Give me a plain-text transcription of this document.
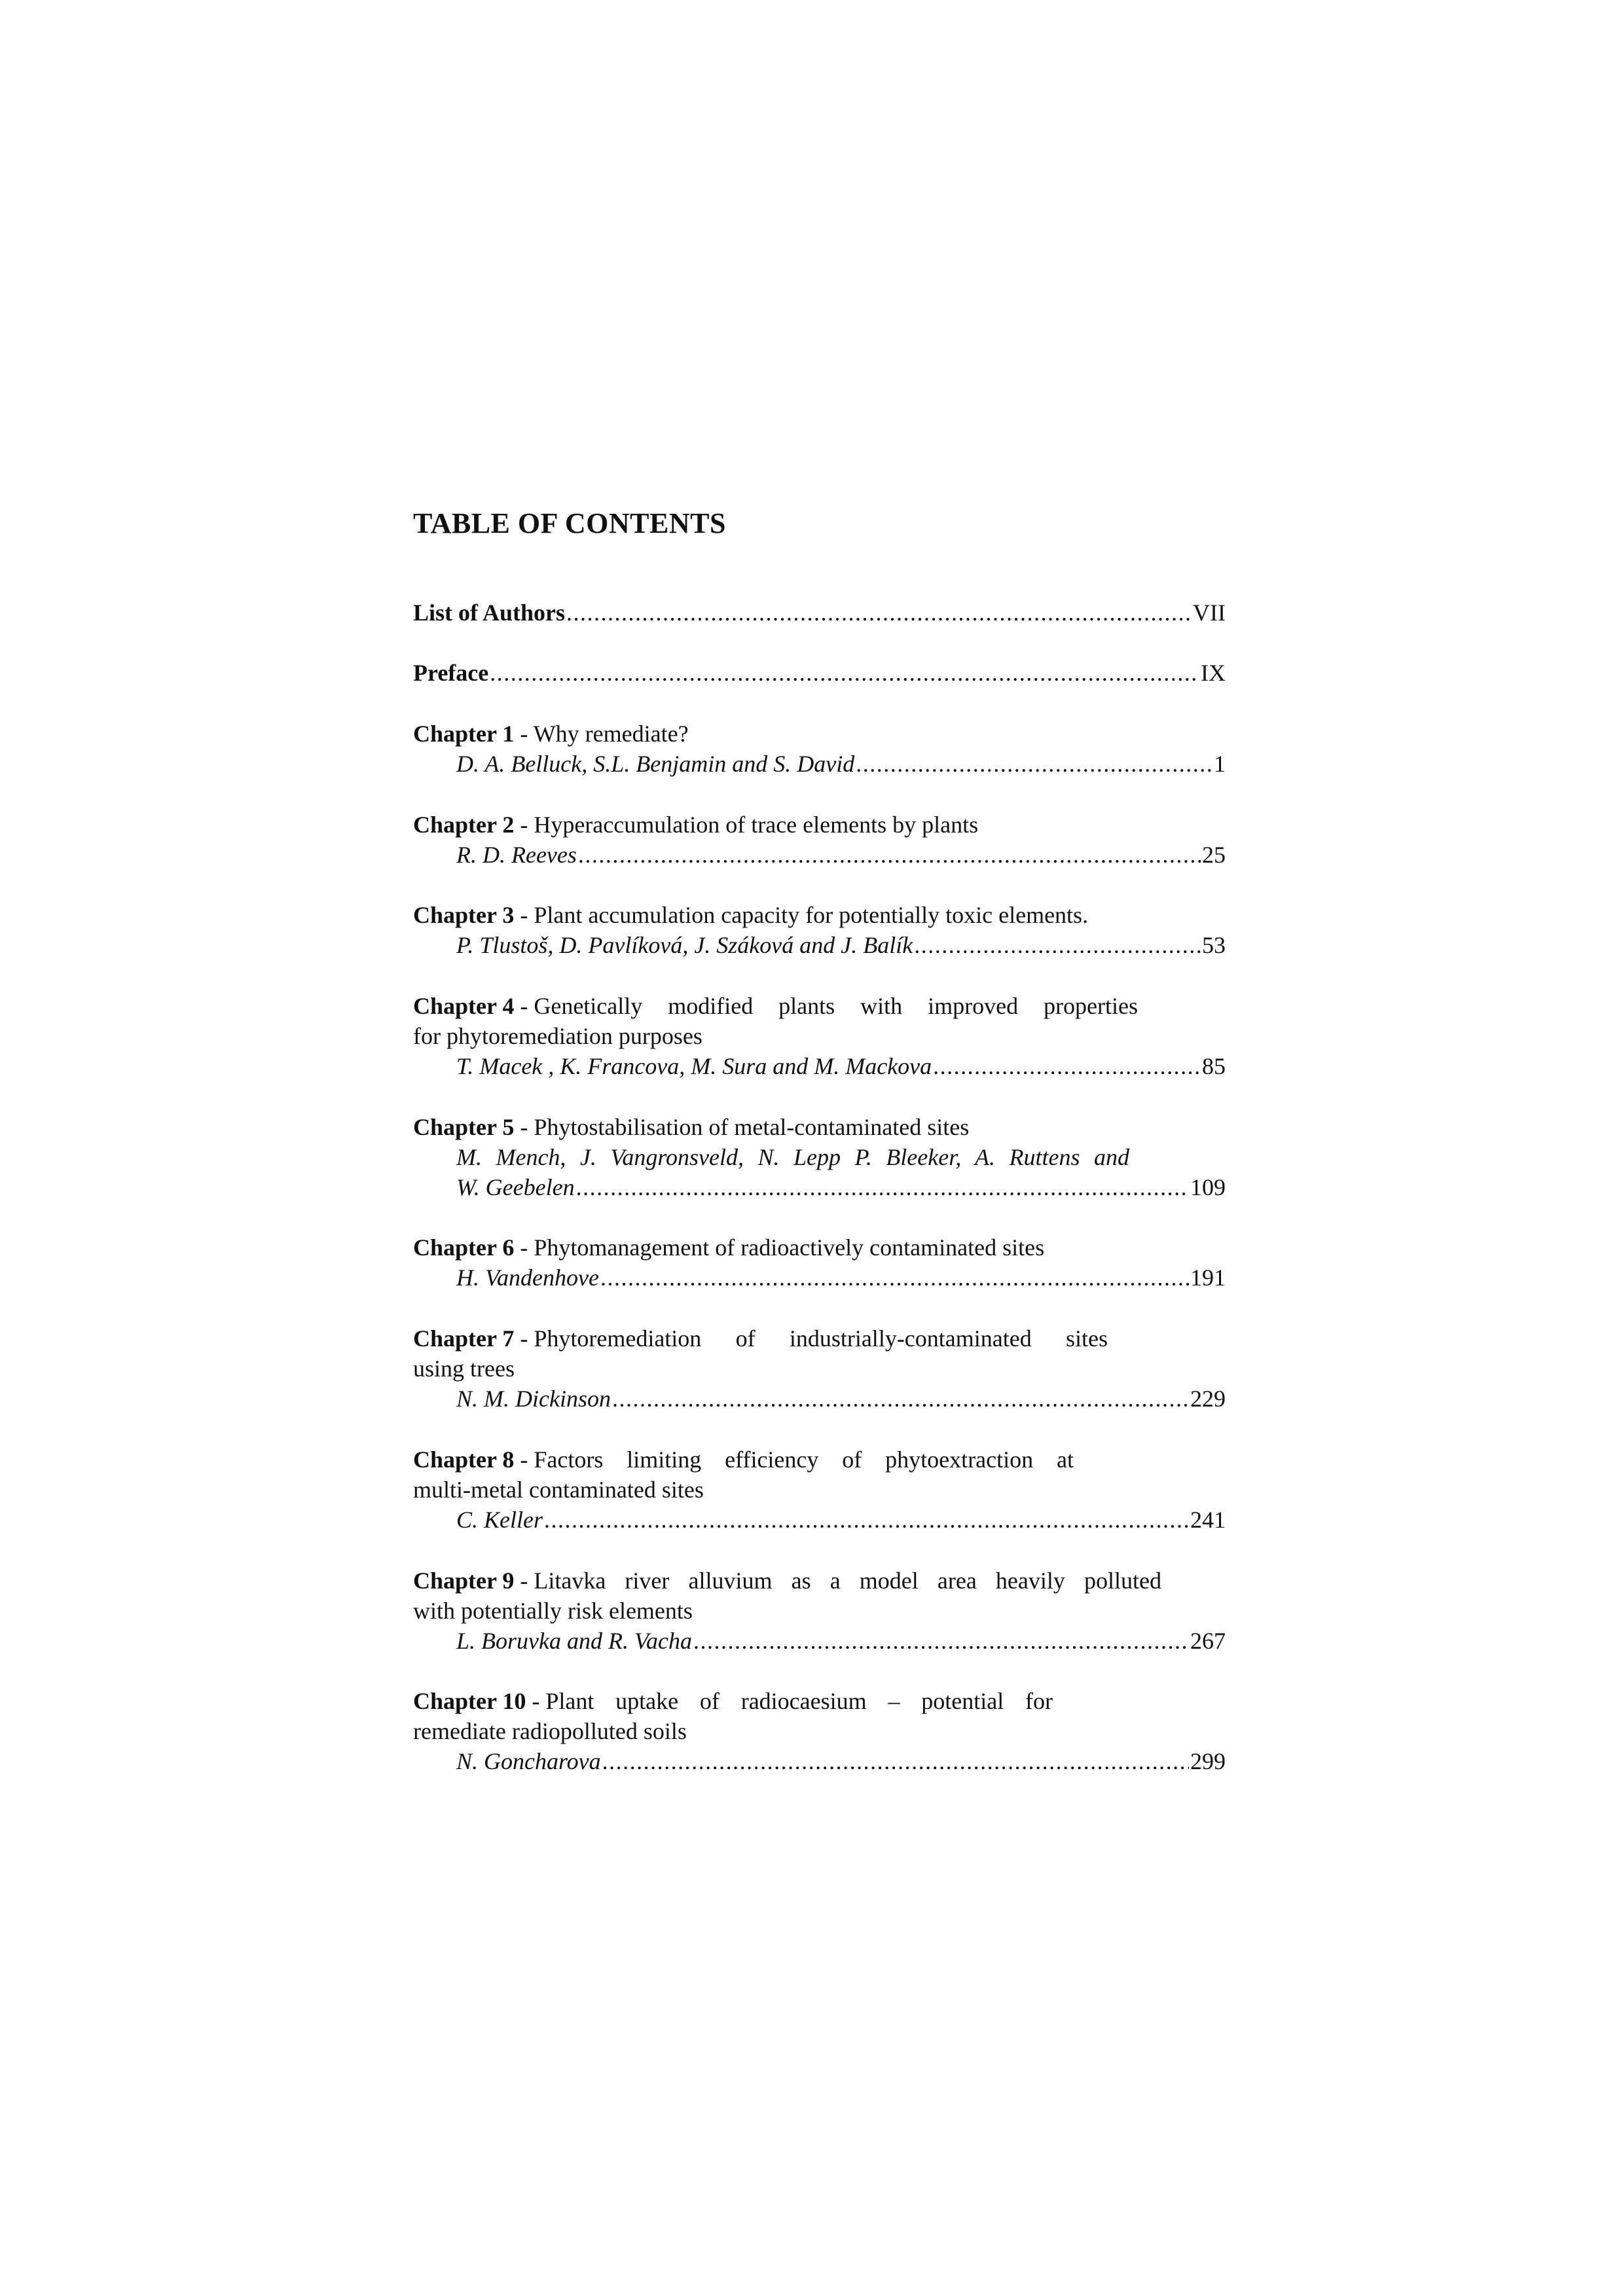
TABLE OF CONTENTS
List of Authors .....	VII
Preface .....	IX
Chapter 1 - Why remediate?
D. A. Belluck, S.L. Benjamin and S. David .....	1
Chapter 2 - Hyperaccumulation of trace elements by plants
R. D. Reeves .....	25
Chapter 3 - Plant accumulation capacity for potentially toxic elements.
P. Tlustoš, D. Pavlíková, J. Száková and J. Balík .....	53
Chapter 4 - Genetically modified plants with improved properties
for phytoremediation purposes
T. Macek , K. Francova, M. Sura and M. Mackova .....	85
Chapter 5 - Phytostabilisation of metal-contaminated sites
M. Mench, J. Vangronsveld, N. Lepp P. Bleeker, A. Ruttens and
W. Geebelen .....	109
Chapter 6 - Phytomanagement of radioactively contaminated sites
H. Vandenhove .....	191
Chapter 7 - Phytoremediation of industrially-contaminated sites
using trees
N. M. Dickinson .....	229
Chapter 8 - Factors limiting efficiency of phytoextraction at
multi-metal contaminated sites
C. Keller .....	241
Chapter 9 - Litavka river alluvium as a model area heavily polluted
with potentially risk elements
L. Boruvka and R. Vacha .....	267
Chapter 10 - Plant uptake of radiocaesium – potential for
remediate radiopolluted soils
N. Goncharova .....	299
